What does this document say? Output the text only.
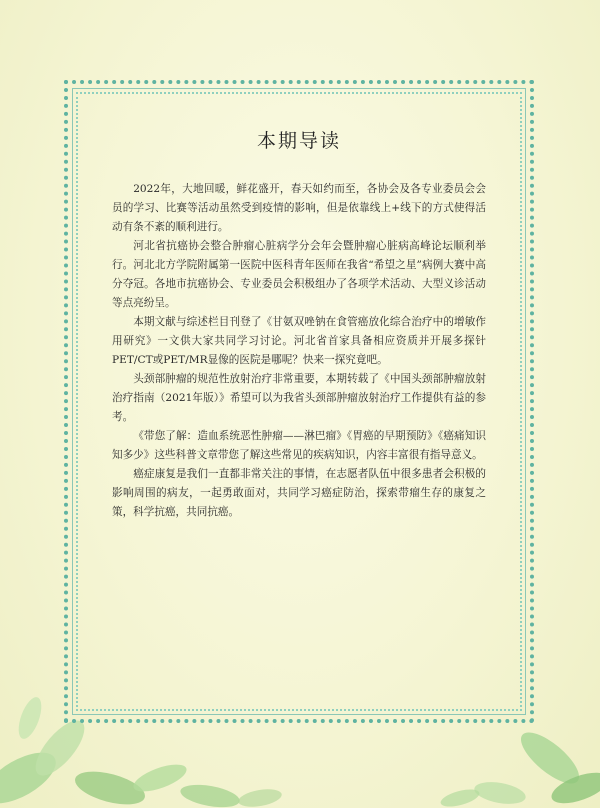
本期导读

2022年，大地回暖，鲜花盛开，春天如约而至，各协会及各专业委员会会员的学习、比赛等活动虽然受到疫情的影响，但是依靠线上+线下的方式使得活动有条不紊的顺利进行。

河北省抗癌协会整合肿瘤心脏病学分会年会暨肿瘤心脏病高峰论坛顺利举行。河北北方学院附属第一医院中医科青年医师在我省“希望之星”病例大赛中高分夺冠。各地市抗癌协会、专业委员会积极组办了各项学术活动、大型义诊活动等点亮纷呈。

本期文献与综述栏目刊登了《甘氨双唑钠在食管癌放化综合治疗中的增敏作用研究》一文供大家共同学习讨论。河北省首家具备相应资质并开展多探针PET/CT或PET/MR显像的医院是哪呢？快来一探究竟吧。

头颈部肿瘤的规范性放射治疗非常重要，本期转载了《中国头颈部肿瘤放射治疗指南（2021年版）》希望可以为我省头颈部肿瘤放射治疗工作提供有益的参考。

《带您了解：造血系统恶性肿瘤——淋巴瘤》《胃癌的早期预防》《癌痛知识知多少》这些科普文章带您了解这些常见的疾病知识，内容丰富很有指导意义。

癌症康复是我们一直都非常关注的事情，在志愿者队伍中很多患者会积极的影响周围的病友，一起勇敢面对，共同学习癌症防治，探索带瘤生存的康复之策，科学抗癌，共同抗癌。
